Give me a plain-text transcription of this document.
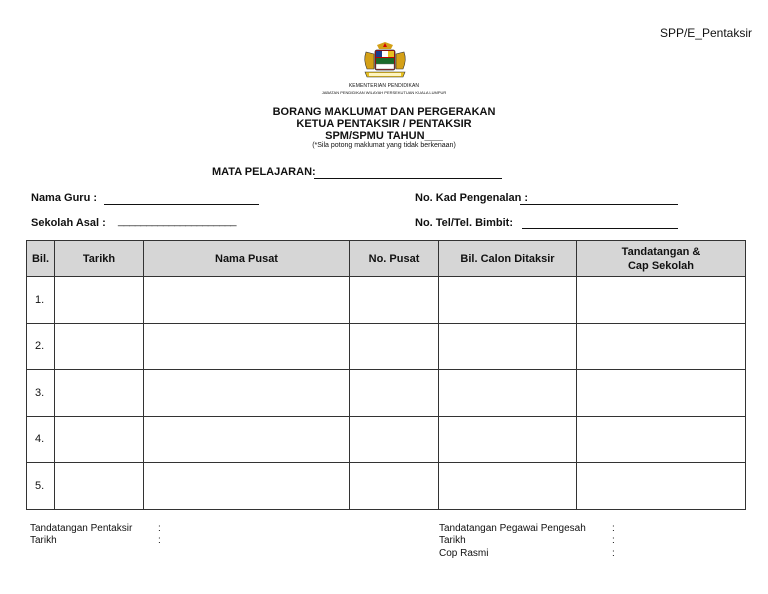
SPP/E_Pentaksir
KEMENTERIAN PENDIDIKAN
JABATAN PENDIDIKAN WILAYAH PERSEKUTUAN KUALA LUMPUR
BORANG MAKLUMAT DAN PERGERAKAN
KETUA PENTAKSIR / PENTAKSIR
SPM/SPMU TAHUN___
(*Sila potong maklumat yang tidak berkenaan)
MATA PELAJARAN:
Nama Guru :	No. Kad Pengenalan :
Sekolah Asal : _____________________	No. Tel/Tel. Bimbit:
Bil.	Tarikh	Nama Pusat	No. Pusat	Bil. Calon Ditaksir	Tandatangan &
Cap Sekolah

1.					
2.					
3.					
4.					
5.					
Tandatangan Pentaksir	:
Tarikh	:
Tandatangan Pegawai Pengesah	:
Tarikh	:
Cop Rasmi	:
